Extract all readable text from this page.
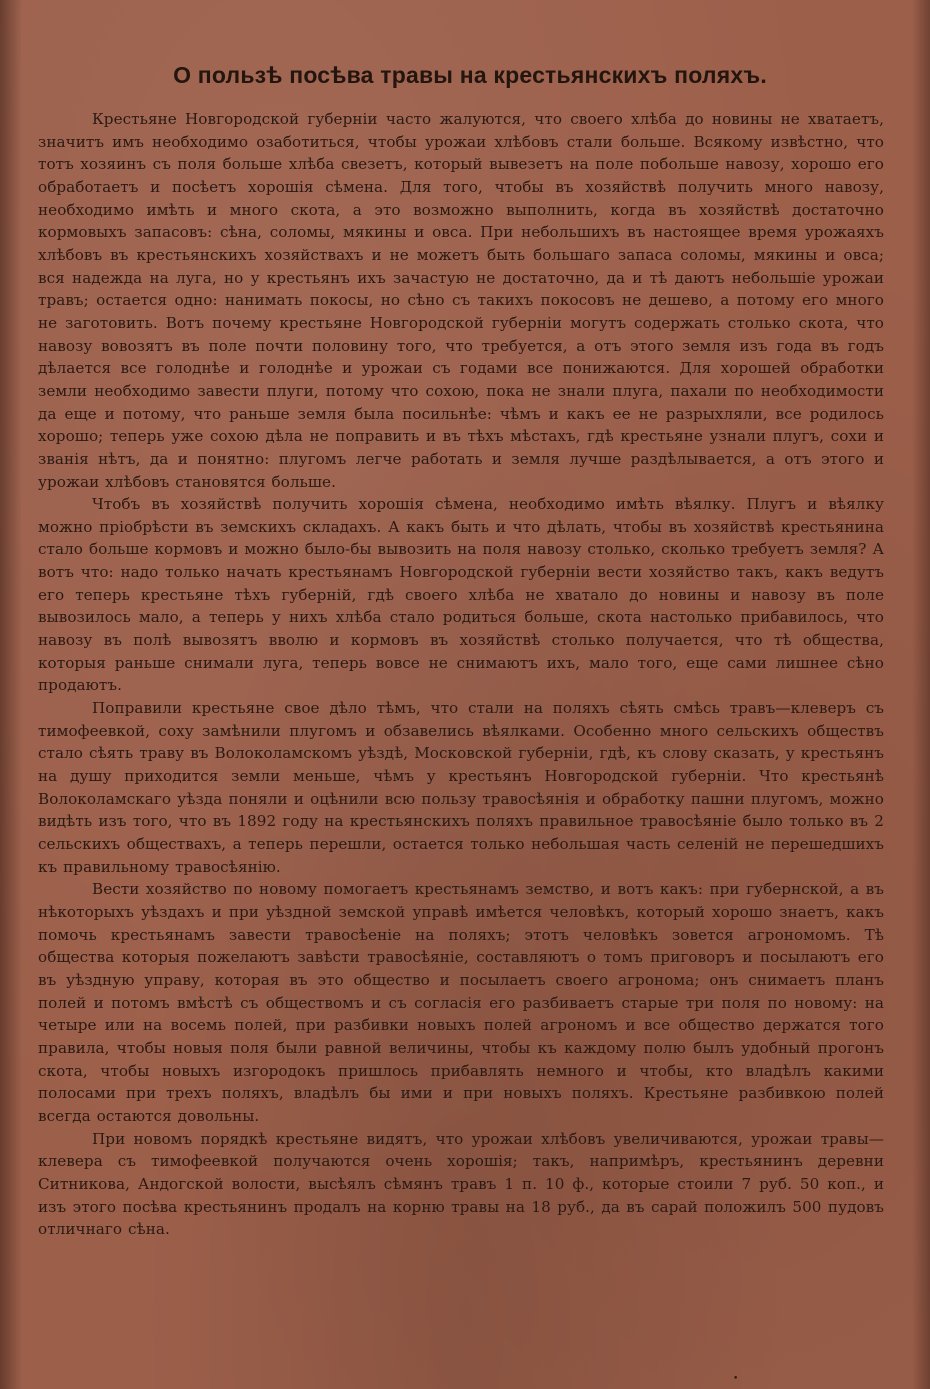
О пользѣ посѣва травы на крестьянскихъ поляхъ.

Крестьяне Новгородской губерніи часто жалуются, что своего хлѣба до новины не хватаетъ, значитъ имъ необходимо озаботиться, чтобы урожаи хлѣбовъ стали больше. Всякому извѣстно, что тотъ хозяинъ съ поля больше хлѣба свезетъ, который вывезетъ на поле побольше навозу, хорошо его обработаетъ и посѣетъ хорошія сѣмена. Для того, чтобы въ хозяйствѣ получить много навозу, необходимо имѣть и много скота, а это возможно выполнить, когда въ хозяйствѣ достаточно кормовыхъ запасовъ: сѣна, соломы, мякины и овса. При небольшихъ въ настоящее время урожаяхъ хлѣбовъ въ крестьянскихъ хозяйствахъ и не можетъ быть большаго запаса соломы, мякины и овса; вся надежда на луга, но у крестьянъ ихъ зачастую не достаточно, да и тѣ даютъ небольшіе урожаи травъ; остается одно: нанимать покосы, но сѣно съ такихъ покосовъ не дешево, а потому его много не заготовить. Вотъ почему крестьяне Новгородской губерніи могутъ содержать столько скота, что навозу вовозятъ въ поле почти половину того, что требуется, а отъ этого земля изъ года въ годъ дѣлается все голоднѣе и голоднѣе и урожаи съ годами все понижаются. Для хорошей обработки земли необходимо завести плуги, потому что сохою, пока не знали плуга, пахали по необходимости да еще и потому, что раньше земля была посильнѣе: чѣмъ и какъ ее не разрыхляли, все родилось хорошо; теперь уже сохою дѣла не поправить и въ тѣхъ мѣстахъ, гдѣ крестьяне узнали плугъ, сохи и званія нѣтъ, да и понятно: плугомъ легче работать и земля лучше раздѣлывается, а отъ этого и урожаи хлѣбовъ становятся больше.

Чтобъ въ хозяйствѣ получить хорошія сѣмена, необходимо имѣть вѣялку. Плугъ и вѣялку можно пріобрѣсти въ земскихъ складахъ. А какъ быть и что дѣлать, чтобы въ хозяйствѣ крестьянина стало больше кормовъ и можно было-бы вывозить на поля навозу столько, сколько требуетъ земля? А вотъ что: надо только начать крестьянамъ Новгородской губерніи вести хозяйство такъ, какъ ведутъ его теперь крестьяне тѣхъ губерній, гдѣ своего хлѣба не хватало до новины и навозу въ поле вывозилось мало, а теперь у нихъ хлѣба стало родиться больше, скота настолько прибавилось, что навозу въ полѣ вывозятъ вволю и кормовъ въ хозяйствѣ столько получается, что тѣ общества, которыя раньше снимали луга, теперь вовсе не снимаютъ ихъ, мало того, еще сами лишнее сѣно продаютъ.

Поправили крестьяне свое дѣло тѣмъ, что стали на поляхъ сѣять смѣсь травъ—клеверъ съ тимофеевкой, соху замѣнили плугомъ и обзавелись вѣялками. Особенно много сельскихъ обществъ стало сѣять траву въ Волоколамскомъ уѣздѣ, Московской губерніи, гдѣ, къ слову сказать, у крестьянъ на душу приходится земли меньше, чѣмъ у крестьянъ Новгородской губерніи. Что крестьянѣ Волоколамскаго уѣзда поняли и оцѣнили всю пользу травосѣянія и обработку пашни плугомъ, можно видѣть изъ того, что въ 1892 году на крестьянскихъ поляхъ правильное травосѣяніе было только въ 2 сельскихъ обществахъ, а теперь перешли, остается только небольшая часть селеній не перешедшихъ къ правильному травосѣянію.

Вести хозяйство по новому помогаетъ крестьянамъ земство, и вотъ какъ: при губернской, а въ нѣкоторыхъ уѣздахъ и при уѣздной земской управѣ имѣется человѣкъ, который хорошо знаетъ, какъ помочь крестьянамъ завести травосѣеніе на поляхъ; этотъ человѣкъ зовется агрономомъ. Тѣ общества которыя пожелаютъ завѣсти травосѣяніе, составляютъ о томъ приговоръ и посылаютъ его въ уѣздную управу, которая въ это общество и посылаетъ своего агронома; онъ снимаетъ планъ полей и потомъ вмѣстѣ съ обществомъ и съ согласія его разбиваетъ старые три поля по новому: на четыре или на восемь полей, при разбивки новыхъ полей агрономъ и все общество держатся того правила, чтобы новыя поля были равной величины, чтобы къ каждому полю былъ удобный прогонъ скота, чтобы новыхъ изгородокъ пришлось прибавлять немного и чтобы, кто владѣлъ какими полосами при трехъ поляхъ, владѣлъ бы ими и при новыхъ поляхъ. Крестьяне разбивкою полей всегда остаются довольны.

При новомъ порядкѣ крестьяне видятъ, что урожаи хлѣбовъ увеличиваются, урожаи травы—клевера съ тимофеевкой получаются очень хорошія; такъ, напримѣръ, крестьянинъ деревни Ситникова, Андогской волости, высѣялъ сѣмянъ травъ 1 п. 10 ф., которые стоили 7 руб. 50 коп., и изъ этого посѣва крестьянинъ продалъ на корню травы на 18 руб., да въ сарай положилъ 500 пудовъ отличнаго сѣна.

•
